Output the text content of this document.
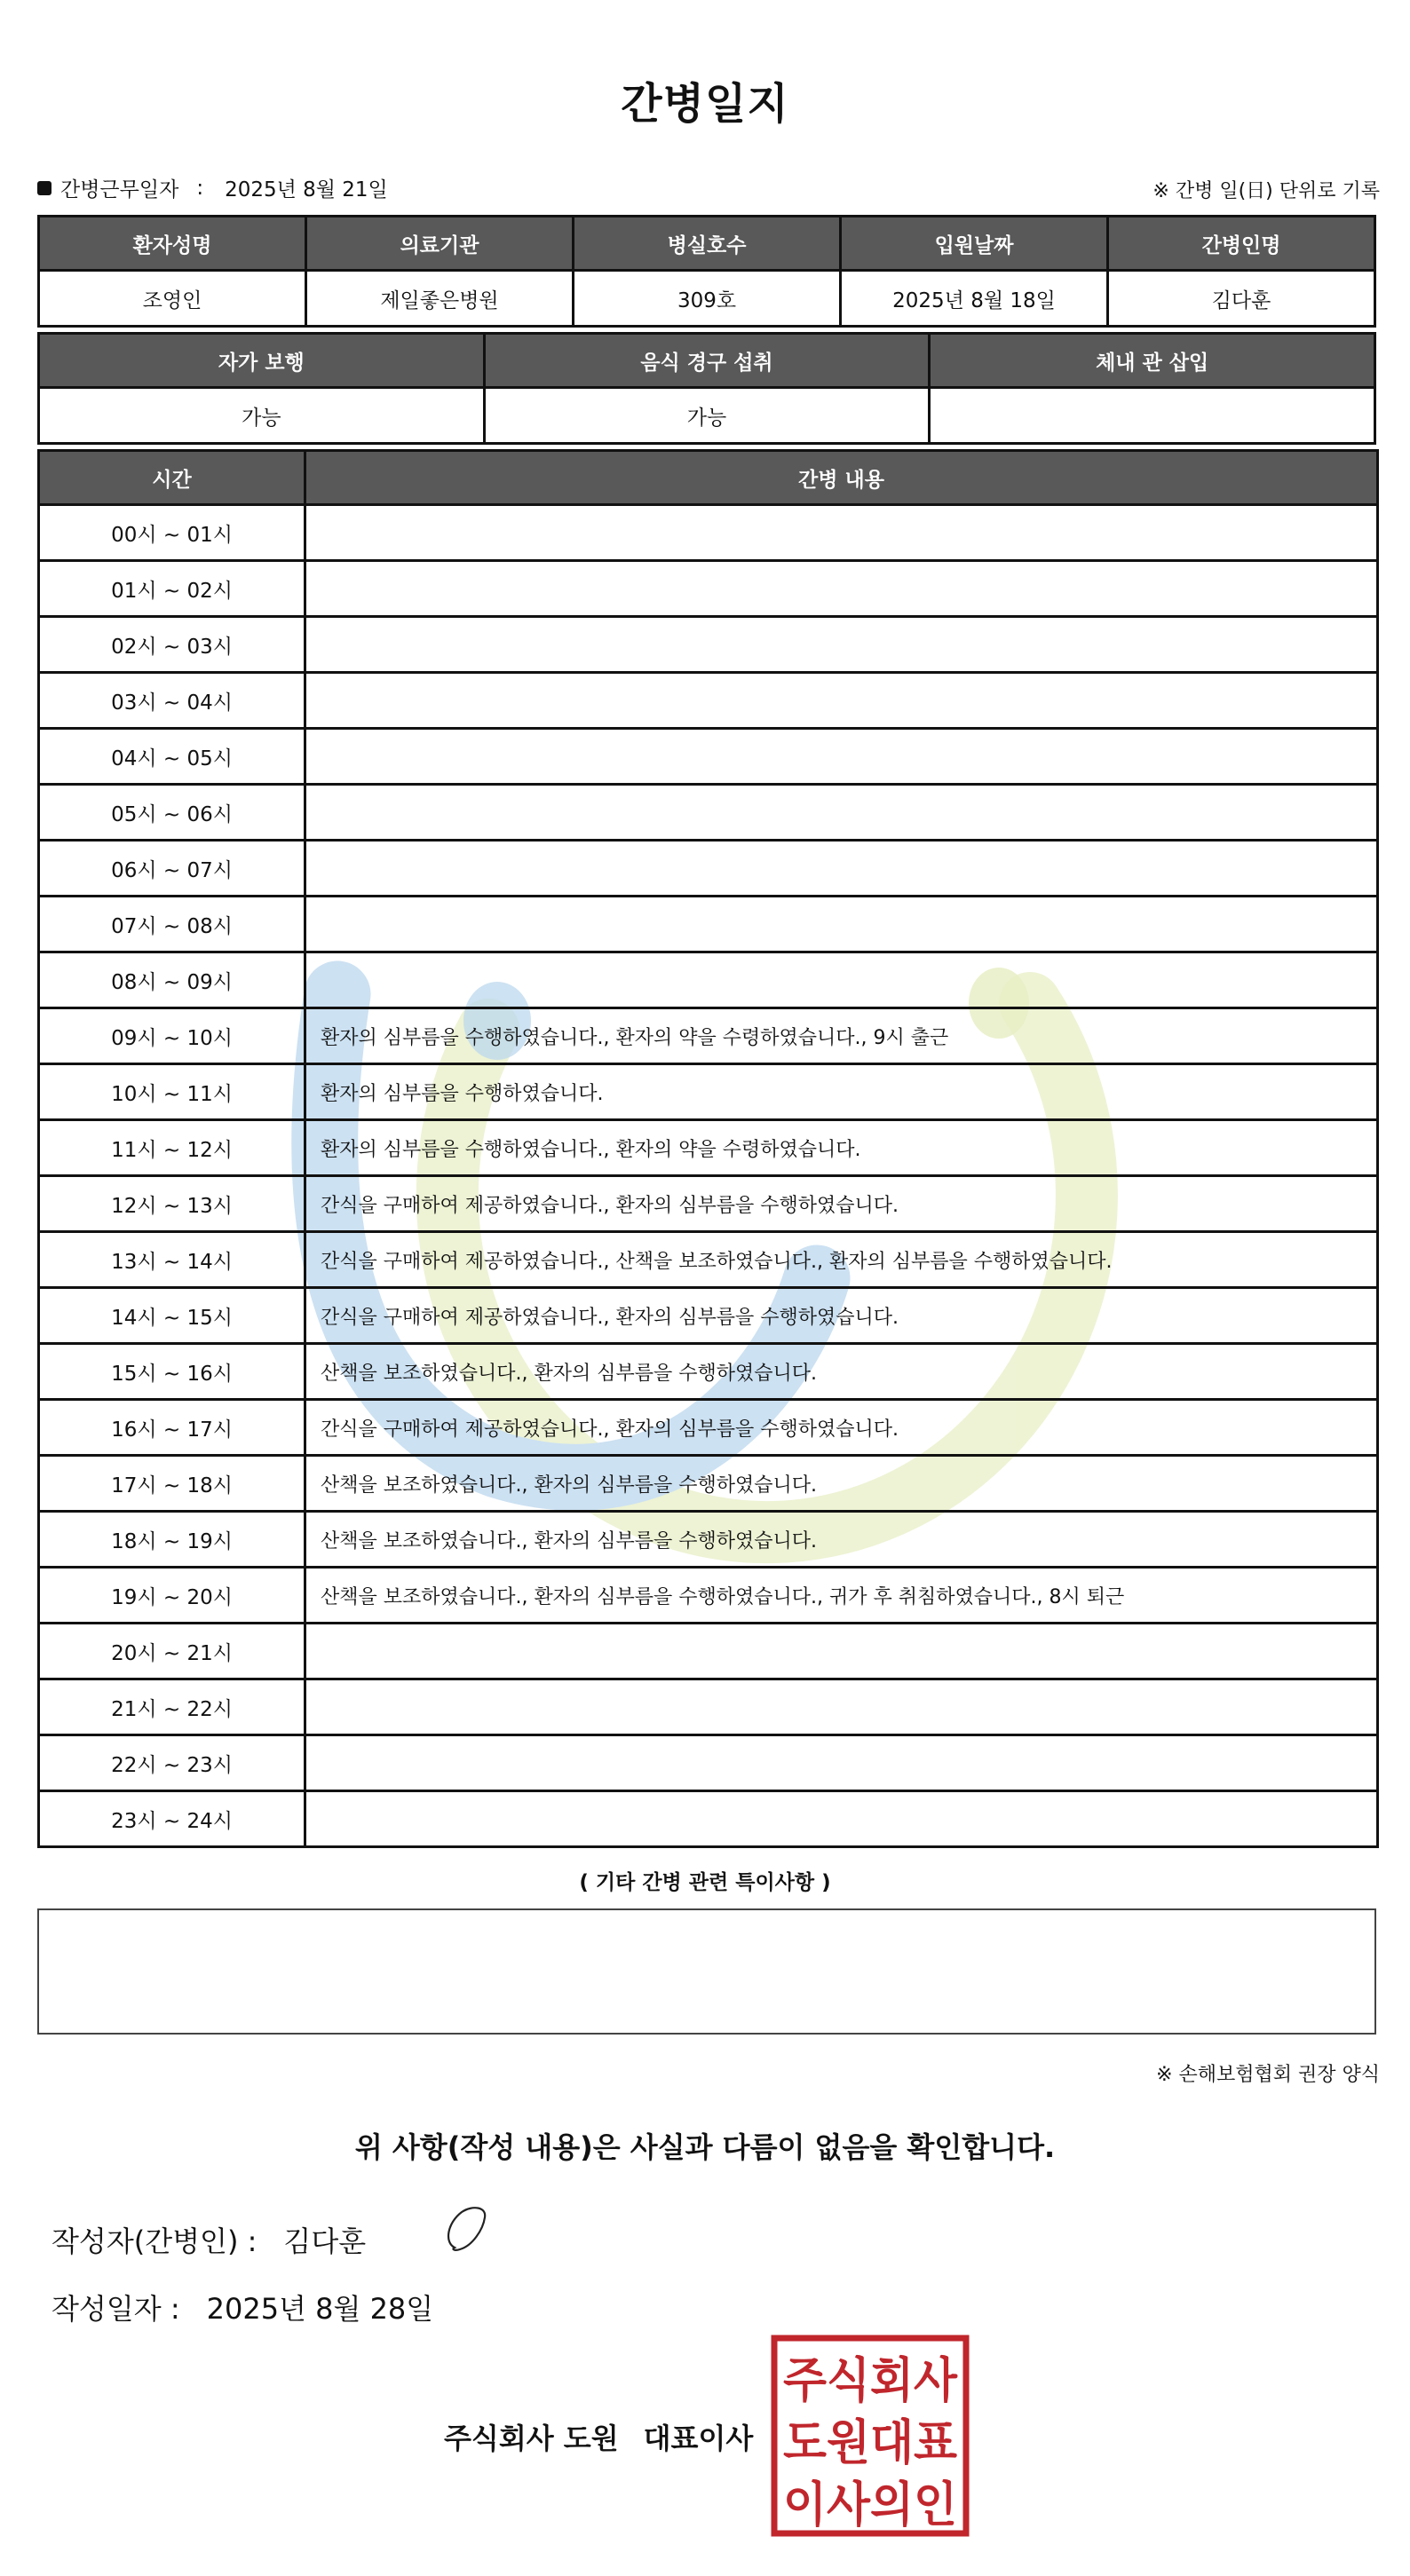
간병일지
간병근무일자 : 2025년 8월 21일	※ 간병 일(日) 단위로 기록
환자성명	의료기관	병실호수	입원날짜	간병인명
조영인	제일좋은병원	309호	2025년 8월 18일	김다훈
자가 보행	음식 경구 섭취	체내 관 삽입
가능	가능	
시간	간병 내용
00시 ~ 01시	
01시 ~ 02시	
02시 ~ 03시	
03시 ~ 04시	
04시 ~ 05시	
05시 ~ 06시	
06시 ~ 07시	
07시 ~ 08시	
08시 ~ 09시	
09시 ~ 10시	환자의 심부름을 수행하였습니다., 환자의 약을 수령하였습니다., 9시 출근
10시 ~ 11시	환자의 심부름을 수행하였습니다.
11시 ~ 12시	환자의 심부름을 수행하였습니다., 환자의 약을 수령하였습니다.
12시 ~ 13시	간식을 구매하여 제공하였습니다., 환자의 심부름을 수행하였습니다.
13시 ~ 14시	간식을 구매하여 제공하였습니다., 산책을 보조하였습니다., 환자의 심부름을 수행하였습니다.
14시 ~ 15시	간식을 구매하여 제공하였습니다., 환자의 심부름을 수행하였습니다.
15시 ~ 16시	산책을 보조하였습니다., 환자의 심부름을 수행하였습니다.
16시 ~ 17시	간식을 구매하여 제공하였습니다., 환자의 심부름을 수행하였습니다.
17시 ~ 18시	산책을 보조하였습니다., 환자의 심부름을 수행하였습니다.
18시 ~ 19시	산책을 보조하였습니다., 환자의 심부름을 수행하였습니다.
19시 ~ 20시	산책을 보조하였습니다., 환자의 심부름을 수행하였습니다., 귀가 후 취침하였습니다., 8시 퇴근
20시 ~ 21시	
21시 ~ 22시	
22시 ~ 23시	
23시 ~ 24시	
( 기타 간병 관련 특이사항 )
※ 손해보험협회 권장 양식
위 사항(작성 내용)은 사실과 다름이 없음을 확인합니다.
작성자(간병인) : 김다훈
작성일자 : 2025년 8월 28일
주식회사 도원 대표이사
주식회사
도원대표
이사의인
